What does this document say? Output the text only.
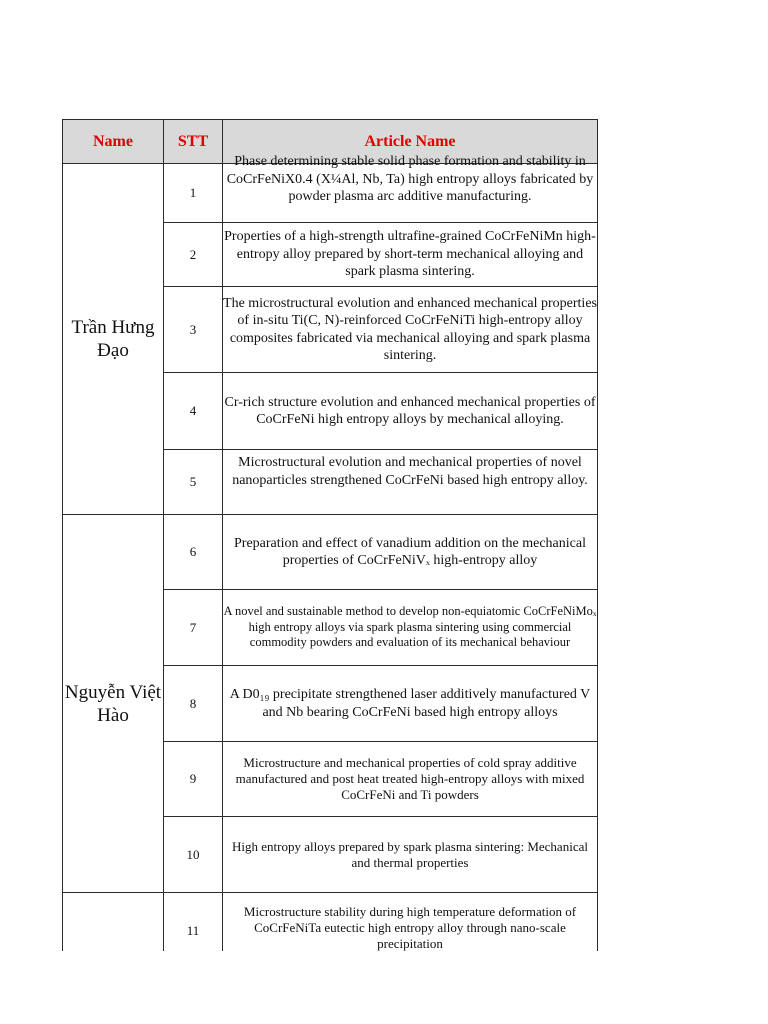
Name	STT	Article Name
Trần Hưng Đạo	1	Phase determining stable solid phase formation and stability in CoCrFeNiX0.4 (X¼Al, Nb, Ta) high entropy alloys fabricated by powder plasma arc additive manufacturing.

	2	Properties of a high-strength ultrafine-grained CoCrFeNiMn high-entropy alloy prepared by short-term mechanical alloying and spark plasma sintering.
	3	The microstructural evolution and enhanced mechanical properties of in-situ Ti(C, N)-reinforced CoCrFeNiTi high-entropy alloy composites fabricated via mechanical alloying and spark plasma sintering.
	4	Cr-rich structure evolution and enhanced mechanical properties of CoCrFeNi high entropy alloys by mechanical alloying.
	5	Microstructural evolution and mechanical properties of novel nanoparticles strengthened CoCrFeNi based high entropy alloy.

Nguyễn Việt Hào	6	Preparation and effect of vanadium addition on the mechanical properties of CoCrFeNiVₓ high-entropy alloy
	7	A novel and sustainable method to develop non-equiatomic CoCrFeNiMoₓ high entropy alloys via spark plasma sintering using commercial commodity powders and evaluation of its mechanical behaviour
	8	A D0₁₉ precipitate strengthened laser additively manufactured V and Nb bearing CoCrFeNi based high entropy alloys
	9	Microstructure and mechanical properties of cold spray additive manufactured and post heat treated high-entropy alloys with mixed CoCrFeNi and Ti powders
	10	High entropy alloys prepared by spark plasma sintering: Mechanical and thermal properties
	11	Microstructure stability during high temperature deformation of CoCrFeNiTa eutectic high entropy alloy through nano-scale precipitation
